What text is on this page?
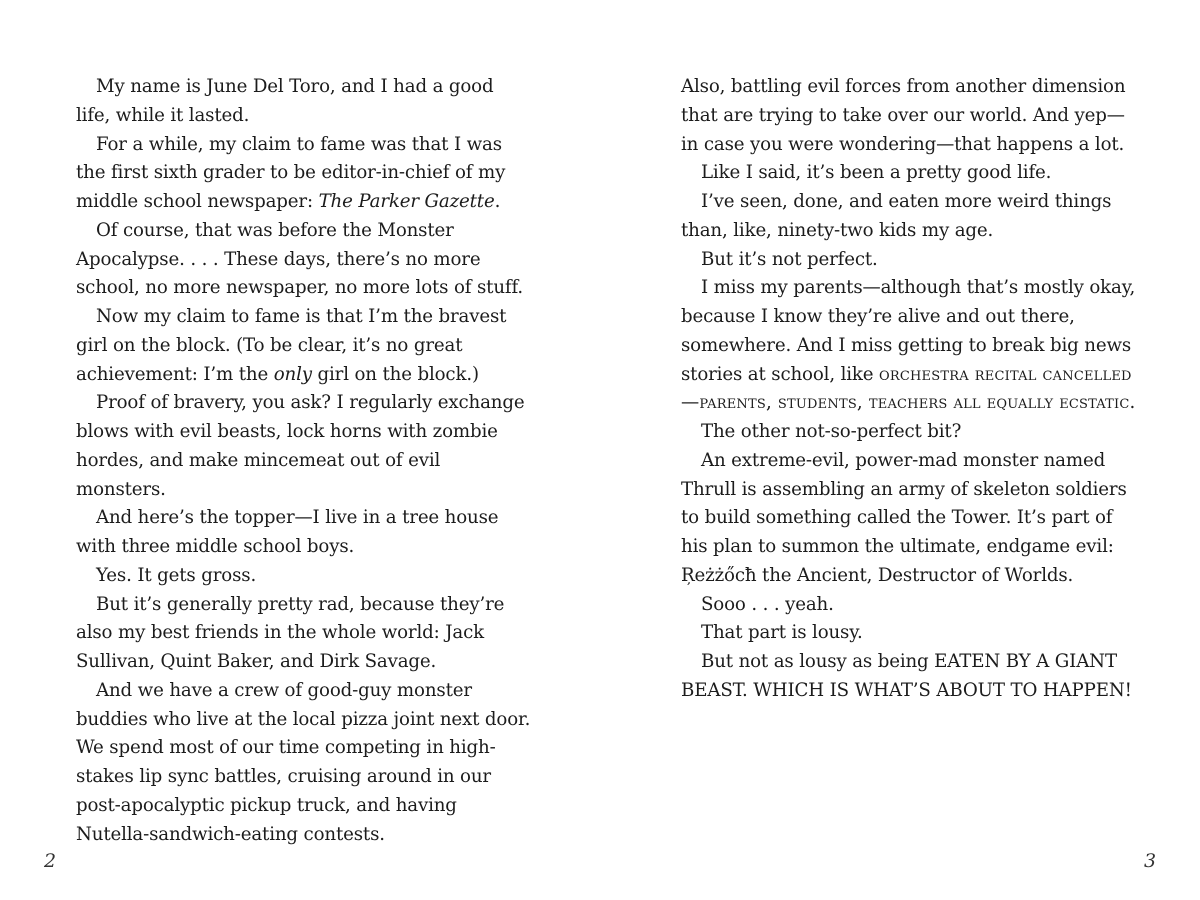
My name is June Del Toro, and I had a good life, while it lasted.

For a while, my claim to fame was that I was the first sixth grader to be editor-in-chief of my middle school newspaper: The Parker Gazette.

Of course, that was before the Monster Apocalypse. . . . These days, there’s no more school, no more newspaper, no more lots of stuff.

Now my claim to fame is that I’m the bravest girl on the block. (To be clear, it’s no great achievement: I’m the only girl on the block.)

Proof of bravery, you ask? I regularly exchange blows with evil beasts, lock horns with zombie hordes, and make mincemeat out of evil monsters.

And here’s the topper—I live in a tree house with three middle school boys.

Yes. It gets gross.

But it’s generally pretty rad, because they’re also my best friends in the whole world: Jack Sullivan, Quint Baker, and Dirk Savage.

And we have a crew of good-guy monster buddies who live at the local pizza joint next door. We spend most of our time competing in high-stakes lip sync battles, cruising around in our post-apocalyptic pickup truck, and having Nutella-sandwich-eating contests.

Also, battling evil forces from another dimension that are trying to take over our world. And yep—in case you were wondering—that happens a lot.

Like I said, it’s been a pretty good life.

I’ve seen, done, and eaten more weird things than, like, ninety-two kids my age.

But it’s not perfect.

I miss my parents—although that’s mostly okay, because I know they’re alive and out there, somewhere. And I miss getting to break big news stories at school, like orchestra recital cancelled—parents, students, teachers all equally ecstatic.

The other not-so-perfect bit?

An extreme-evil, power-mad monster named Thrull is assembling an army of skeleton soldiers to build something called the Tower. It’s part of his plan to summon the ultimate, endgame evil: Ŗeżżőcħ the Ancient, Destructor of Worlds.

Sooo . . . yeah.

That part is lousy.

But not as lousy as being EATEN BY A GIANT BEAST. WHICH IS WHAT’S ABOUT TO HAPPEN!

2	3
